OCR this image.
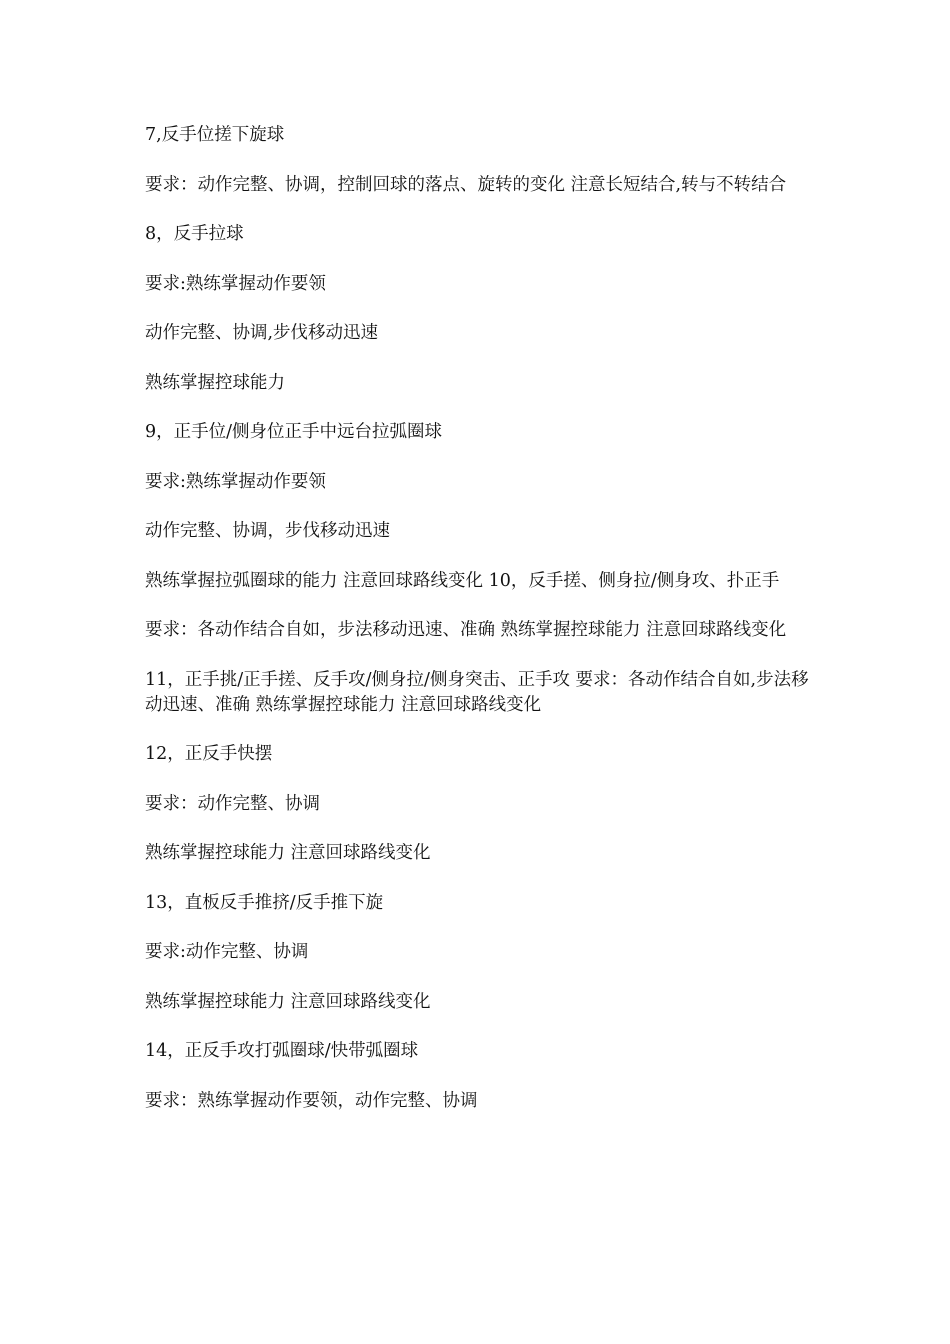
7,反手位搓下旋球

要求：动作完整、协调，控制回球的落点、旋转的变化 注意长短结合,转与不转结合

8，反手拉球

要求:熟练掌握动作要领

动作完整、协调,步伐移动迅速

熟练掌握控球能力

9，正手位/侧身位正手中远台拉弧圈球

要求:熟练掌握动作要领

动作完整、协调，步伐移动迅速

熟练掌握拉弧圈球的能力 注意回球路线变化 10，反手搓、侧身拉/侧身攻、扑正手

要求：各动作结合自如，步法移动迅速、准确 熟练掌握控球能力 注意回球路线变化

11，正手挑/正手搓、反手攻/侧身拉/侧身突击、正手攻 要求：各动作结合自如,步法移动迅速、准确 熟练掌握控球能力 注意回球路线变化

12，正反手快摆

要求：动作完整、协调

熟练掌握控球能力 注意回球路线变化

13，直板反手推挤/反手推下旋

要求:动作完整、协调

熟练掌握控球能力 注意回球路线变化

14，正反手攻打弧圈球/快带弧圈球

要求：熟练掌握动作要领，动作完整、协调
